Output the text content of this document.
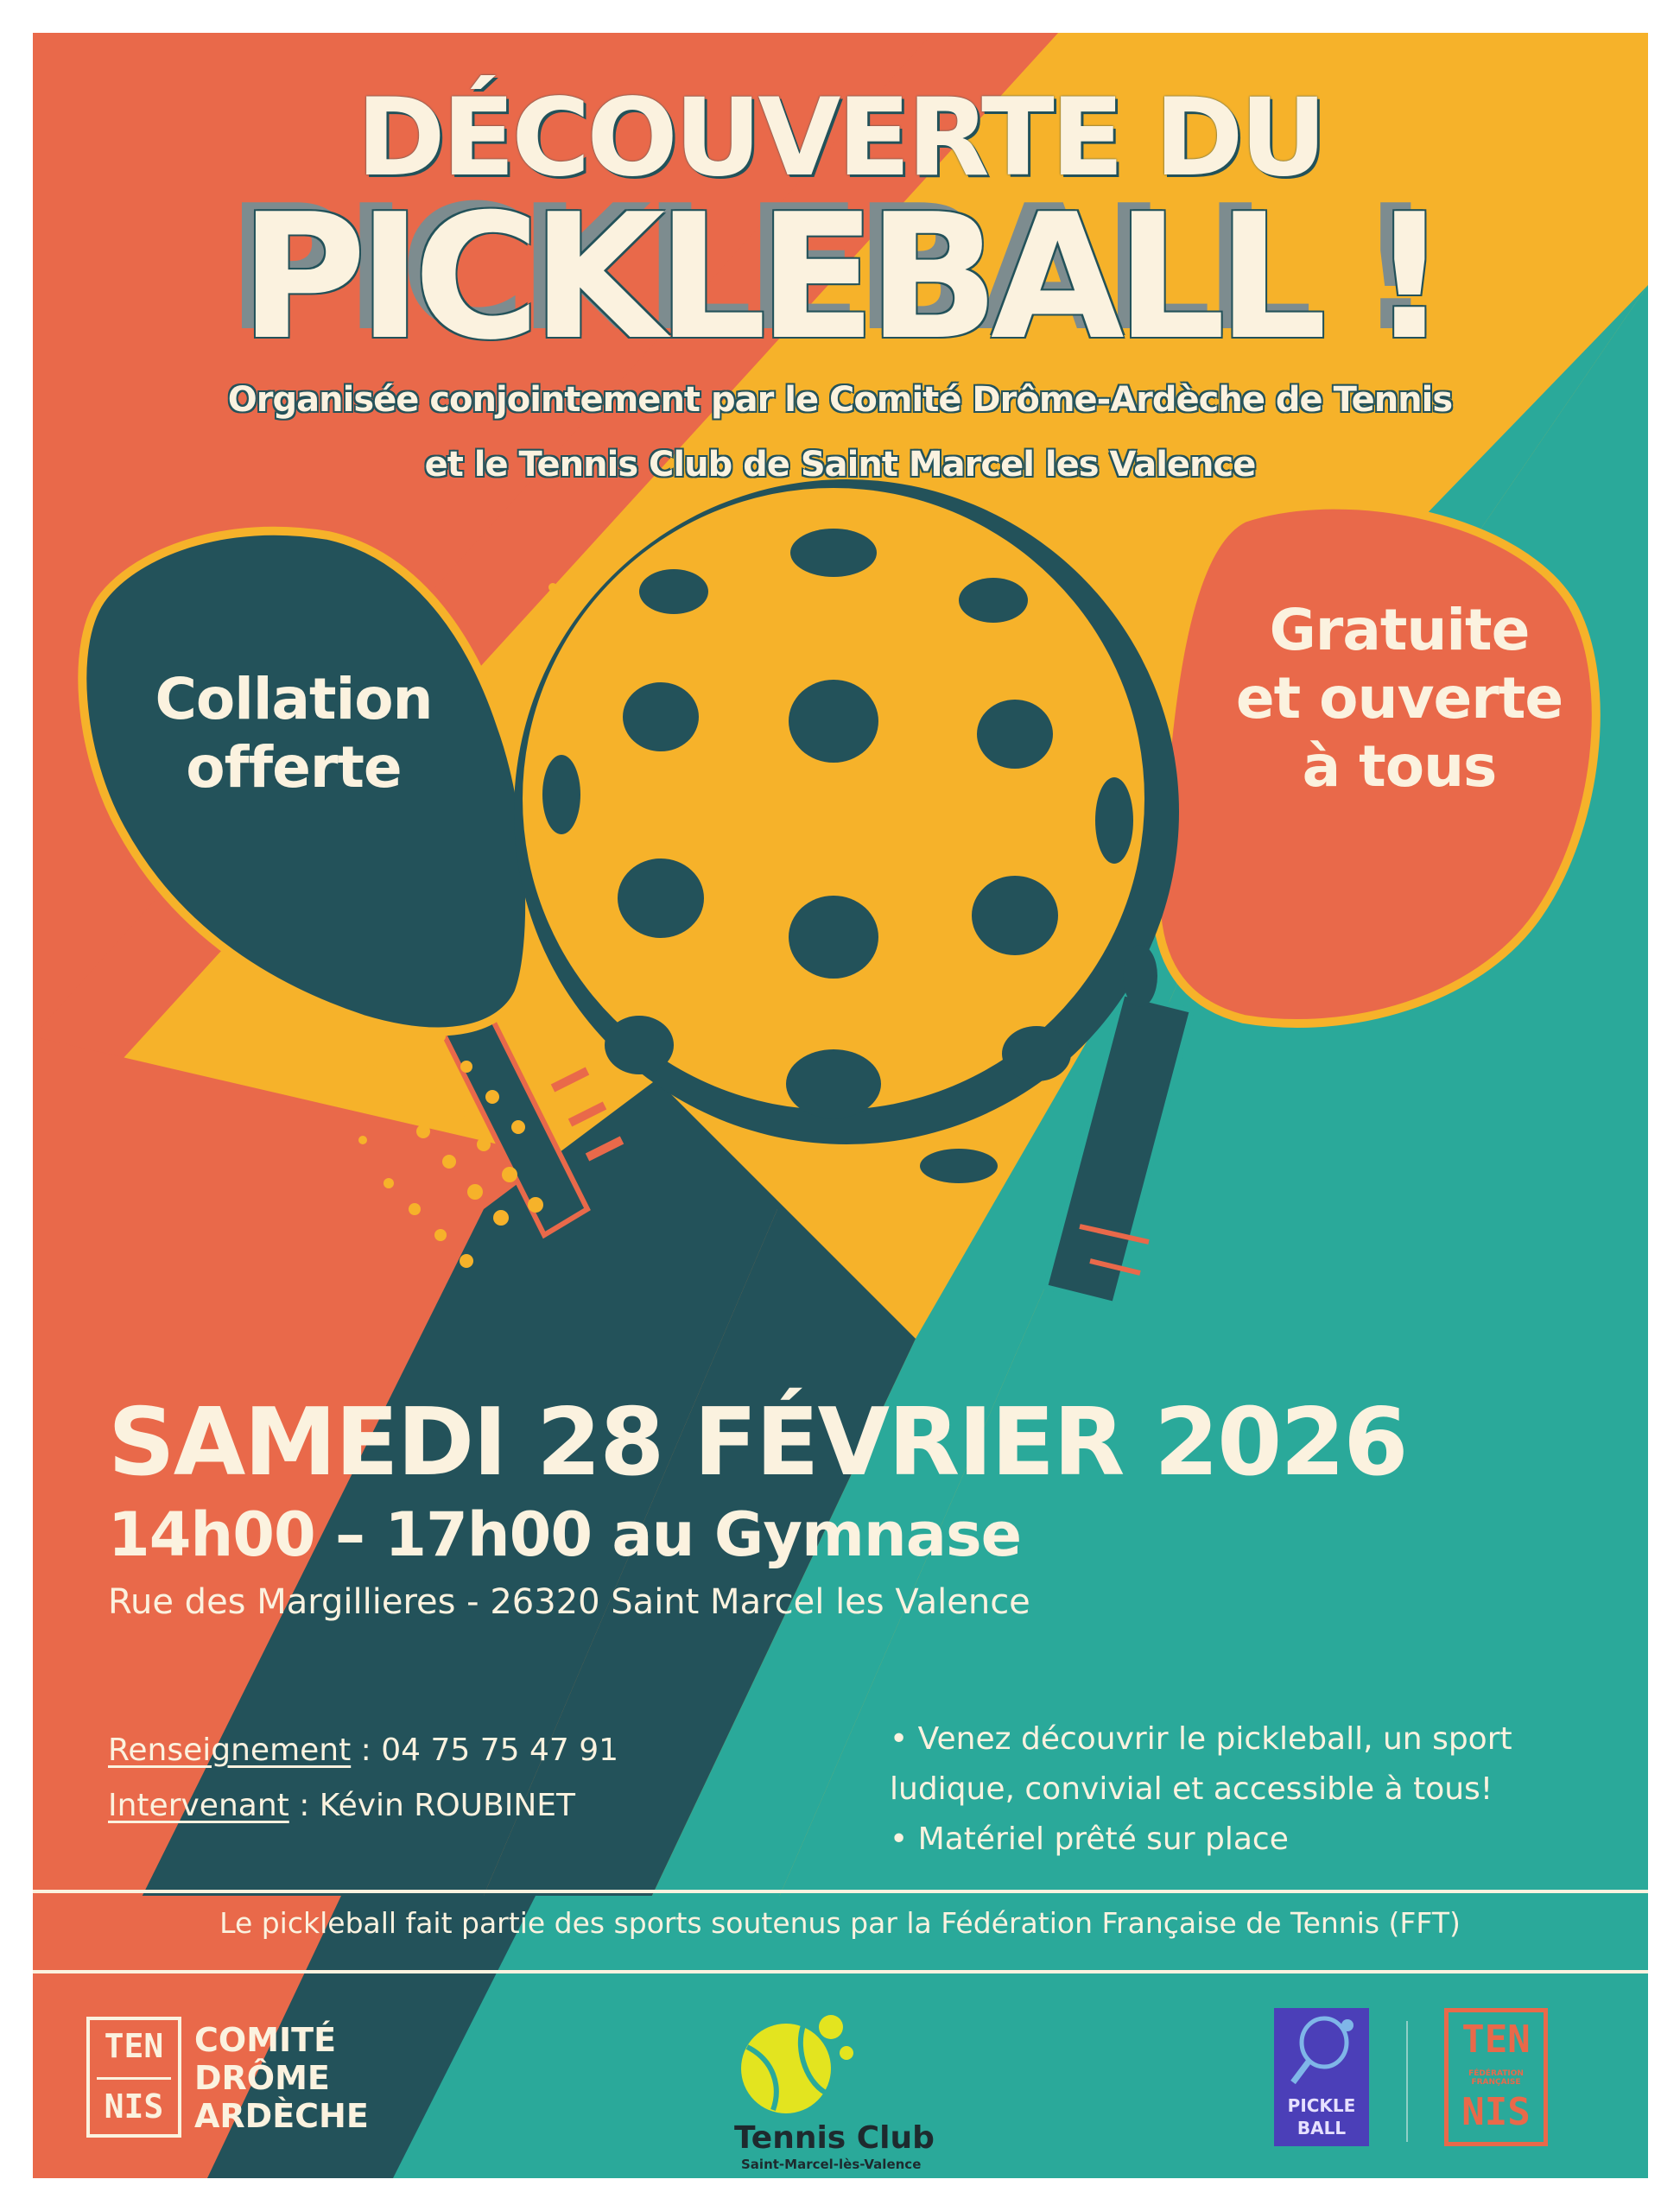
DÉCOUVERTE DU
PICKLEBALL !
Organisée conjointement par le Comité Drôme-Ardèche de Tennis
et le Tennis Club de Saint Marcel les Valence
Collation
offerte
Gratuite
et ouverte
à tous
SAMEDI 28 FÉVRIER 2026
14h00 – 17h00 au Gymnase
Rue des Margillieres - 26320 Saint Marcel les Valence
Renseignement : 04 75 75 47 91
Intervenant : Kévin ROUBINET
• Venez découvrir le pickleball, un sport
ludique, convivial et accessible à tous!
• Matériel prêté sur place
Le pickleball fait partie des sports soutenus par la Fédération Française de Tennis (FFT)
TEN
NIS
COMITÉ
DRÔME
ARDÈCHE
Tennis Club
Saint-Marcel-lès-Valence
PICKLE
BALL
TEN
FÉDÉRATION FRANÇAISE
NIS
